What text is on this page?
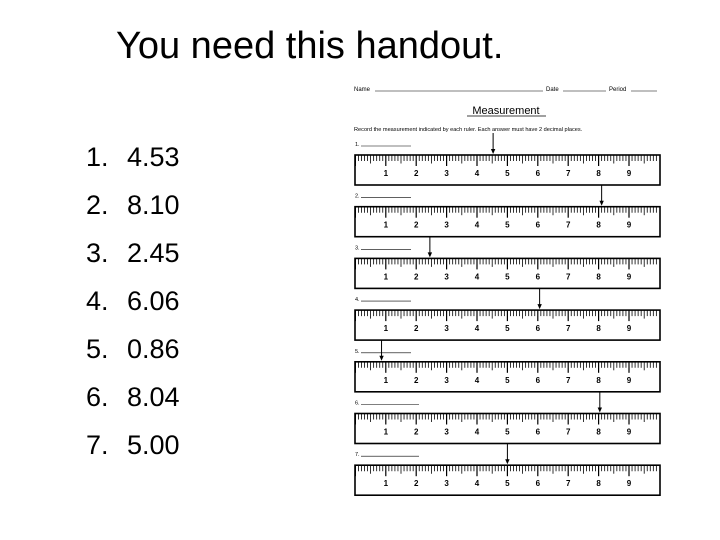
You need this handout.
1. 4.53
2. 8.10
3. 2.45
4. 6.06
5. 0.86
6. 8.04
7. 5.00
Name	Date	Period
Measurement
Record the measurement indicated by each ruler. Each answer must have 2 decimal places.
1.
1	2	3	4	5	6	7	8	9
2.
1	2	3	4	5	6	7	8	9
3.
1	2	3	4	5	6	7	8	9
4.
1	2	3	4	5	6	7	8	9
5.
1	2	3	4	5	6	7	8	9
6.
1	2	3	4	5	6	7	8	9
7.
1	2	3	4	5	6	7	8	9
